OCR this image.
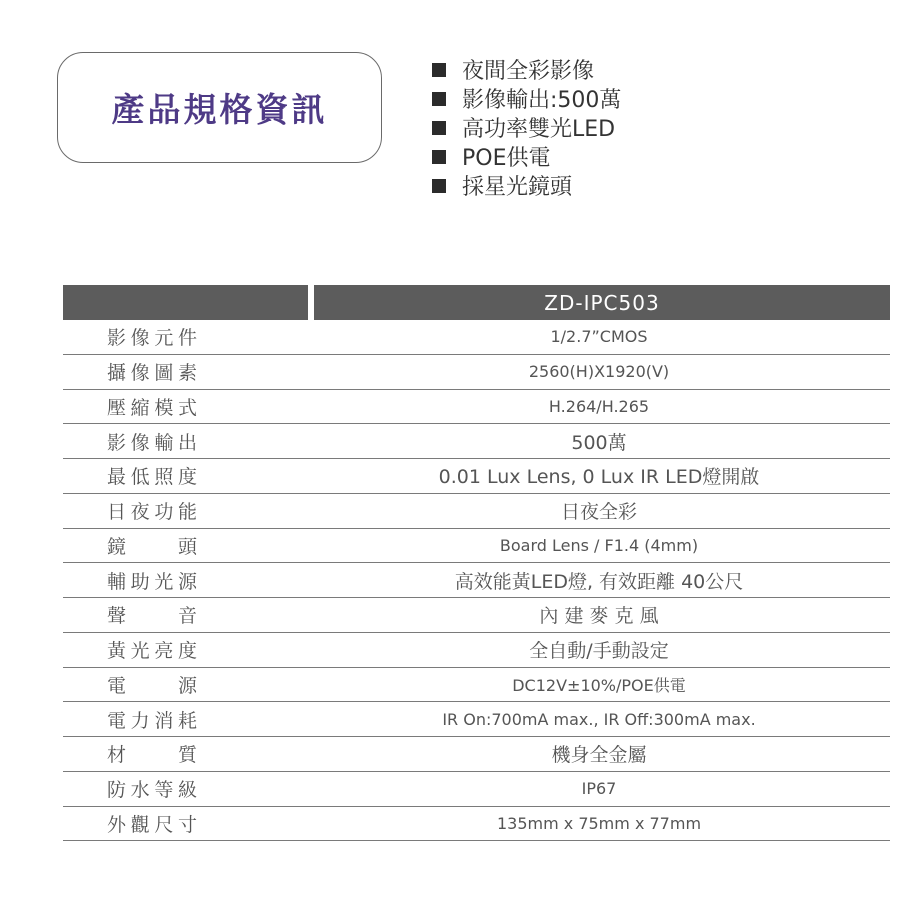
產品規格資訊
夜間全彩影像
影像輸出:500萬
高功率雙光LED
POE供電
採星光鏡頭
ZD-IPC503
影像元件	1/2.7”CMOS
攝像圖素	2560(H)X1920(V)
壓縮模式	H.264/H.265
影像輸出	500萬
最低照度	0.01 Lux Lens, 0 Lux IR LED燈開啟
日夜功能	日夜全彩
鏡　頭	Board Lens / F1.4 (4mm)
輔助光源	高效能黃LED燈, 有效距離 40公尺
聲　音	內 建 麥 克 風
黃光亮度	全自動/手動設定
電　源	DC12V±10%/POE供電
電力消耗	IR On:700mA max., IR Off:300mA max.
材　質	機身全金屬
防水等級	IP67
外觀尺寸	135mm x 75mm x 77mm
